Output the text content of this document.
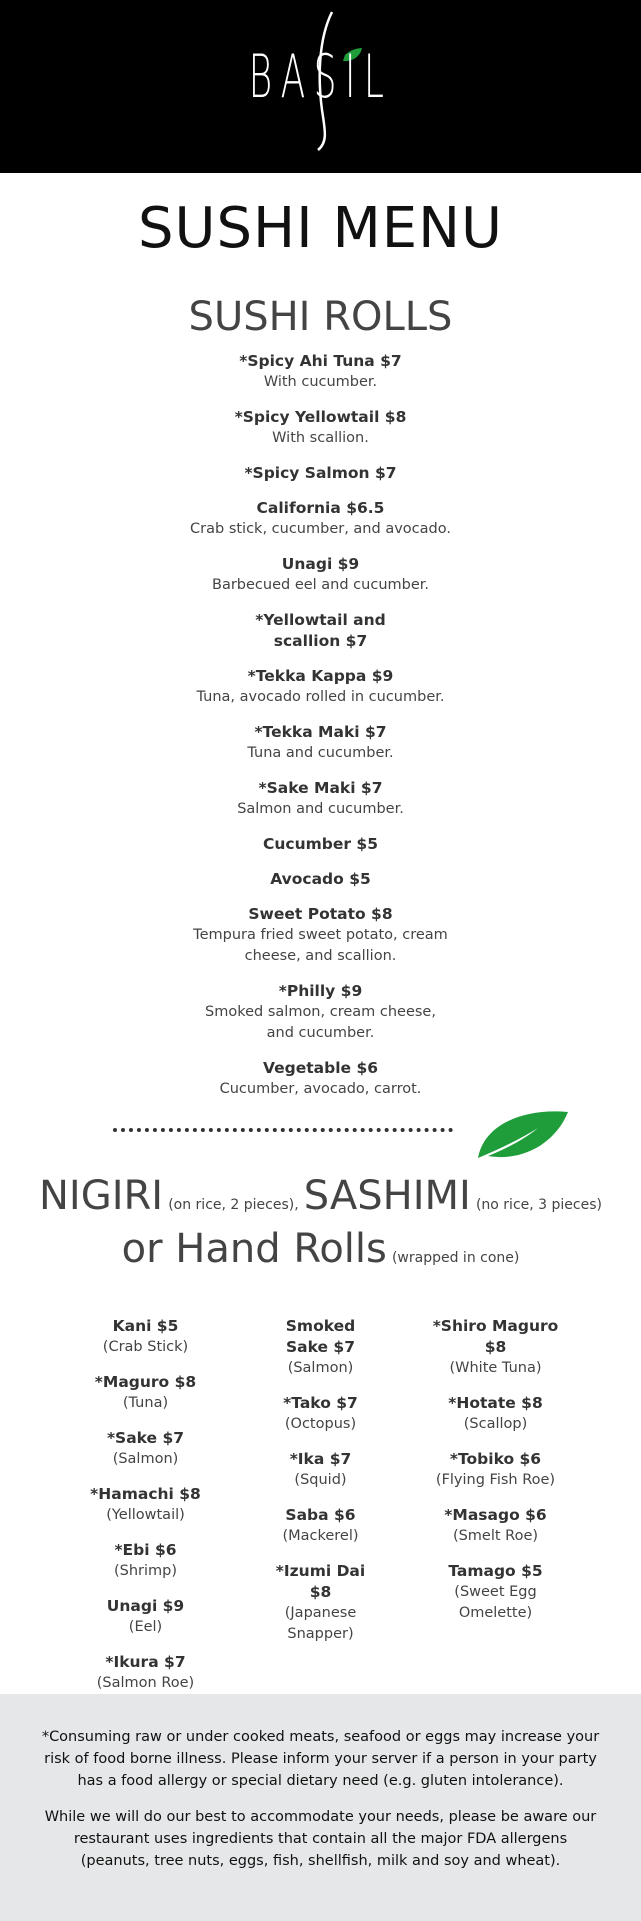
BASIL
SUSHI MENU
SUSHI ROLLS
*Spicy Ahi Tuna $7
With cucumber.
*Spicy Yellowtail $8
With scallion.
*Spicy Salmon $7
California $6.5
Crab stick, cucumber, and avocado.
Unagi $9
Barbecued eel and cucumber.
*Yellowtail and scallion $7
*Tekka Kappa $9
Tuna, avocado rolled in cucumber.
*Tekka Maki $7
Tuna and cucumber.
*Sake Maki $7
Salmon and cucumber.
Cucumber $5
Avocado $5
Sweet Potato $8
Tempura fried sweet potato, cream cheese, and scallion.
*Philly $9
Smoked salmon, cream cheese, and cucumber.
Vegetable $6
Cucumber, avocado, carrot.
NIGIRI (on rice, 2 pieces), SASHIMI (no rice, 3 pieces)
or Hand Rolls (wrapped in cone)
Kani $5
(Crab Stick)
*Maguro $8
(Tuna)
*Sake $7
(Salmon)
*Hamachi $8
(Yellowtail)
*Ebi $6
(Shrimp)
Unagi $9
(Eel)
*Ikura $7
(Salmon Roe)
Smoked Sake $7
(Salmon)
*Tako $7
(Octopus)
*Ika $7
(Squid)
Saba $6
(Mackerel)
*Izumi Dai $8
(Japanese Snapper)
*Shiro Maguro $8
(White Tuna)
*Hotate $8
(Scallop)
*Tobiko $6
(Flying Fish Roe)
*Masago $6
(Smelt Roe)
Tamago $5
(Sweet Egg Omelette)

*Consuming raw or under cooked meats, seafood or eggs may increase your risk of food borne illness. Please inform your server if a person in your party has a food allergy or special dietary need (e.g. gluten intolerance).

While we will do our best to accommodate your needs, please be aware our restaurant uses ingredients that contain all the major FDA allergens (peanuts, tree nuts, eggs, fish, shellfish, milk and soy and wheat).
